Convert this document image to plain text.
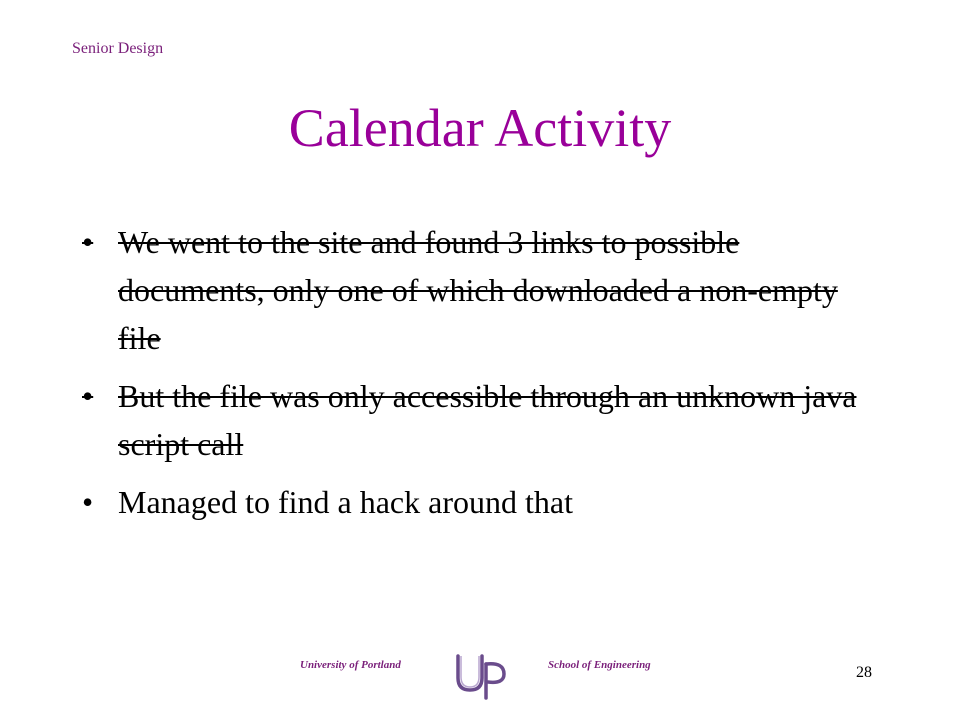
Senior Design
Calendar Activity
• We went to the site and found 3 links to possible documents, only one of which downloaded a non-empty file
• But the file was only accessible through an unknown java script call
• Managed to find a hack around that
University of Portland	School of Engineering	28
